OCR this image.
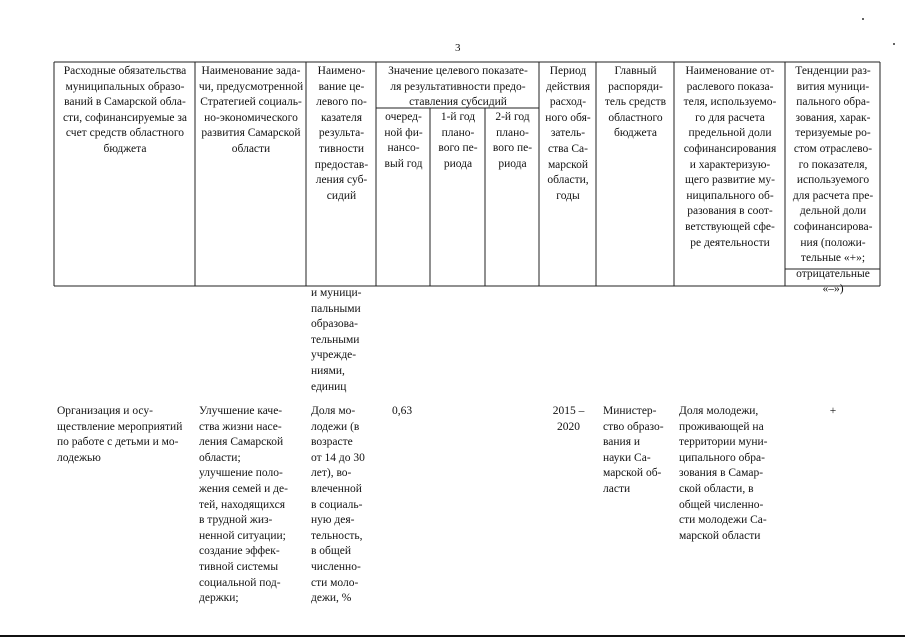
3
Расходные обязательства
муниципальных образо-
ваний в Самарской обла-
сти, софинансируемые за
счет средств областного
бюджета
Наименование зада-
чи, предусмотренной
Стратегией социаль-
но-экономического
развития Самарской
области
Наимено-
вание це-
левого по-
казателя
результа-
тивности
предостав-
ления суб-
сидий
Значение целевого показате-
ля результативности предо-
ставления субсидий
очеред-
ной фи-
нансо-
вый год
1-й год
плано-
вого пе-
риода
2-й год
плано-
вого пе-
риода
Период
действия
расход-
ного обя-
затель-
ства Са-
марской
области,
годы
Главный
распоряди-
тель средств
областного
бюджета
Наименование от-
раслевого показа-
теля, используемо-
го для расчета
предельной доли
софинансирования
и характеризую-
щего развитие му-
ниципального об-
разования в соот-
ветствующей сфе-
ре деятельности
Тенденции раз-
вития муници-
пального обра-
зования, харак-
теризуемые ро-
стом отраслево-
го показателя,
используемого
для расчета пре-
дельной доли
софинансирова-
ния (положи-
тельные «+»;
отрицательные
«–»)
и муници-
пальными
образова-
тельными
учрежде-
ниями,
единиц
Организация и осу-
ществление мероприятий
по работе с детьми и мо-
лодежью
Улучшение каче-
ства жизни насе-
ления Самарской
области;
улучшение поло-
жения семей и де-
тей, находящихся
в трудной жиз-
ненной ситуации;
создание эффек-
тивной системы
социальной под-
держки;
Доля мо-
лодежи (в
возрасте
от 14 до 30
лет), во-
влеченной
в социаль-
ную дея-
тельность,
в общей
численно-
сти моло-
дежи, %
0,63	2015 –
2020
Министер-
ство образо-
вания и
науки Са-
марской об-
ласти
Доля молодежи,
проживающей на
территории муни-
ципального обра-
зования в Самар-
ской области, в
общей численно-
сти молодежи Са-
марской области
+
